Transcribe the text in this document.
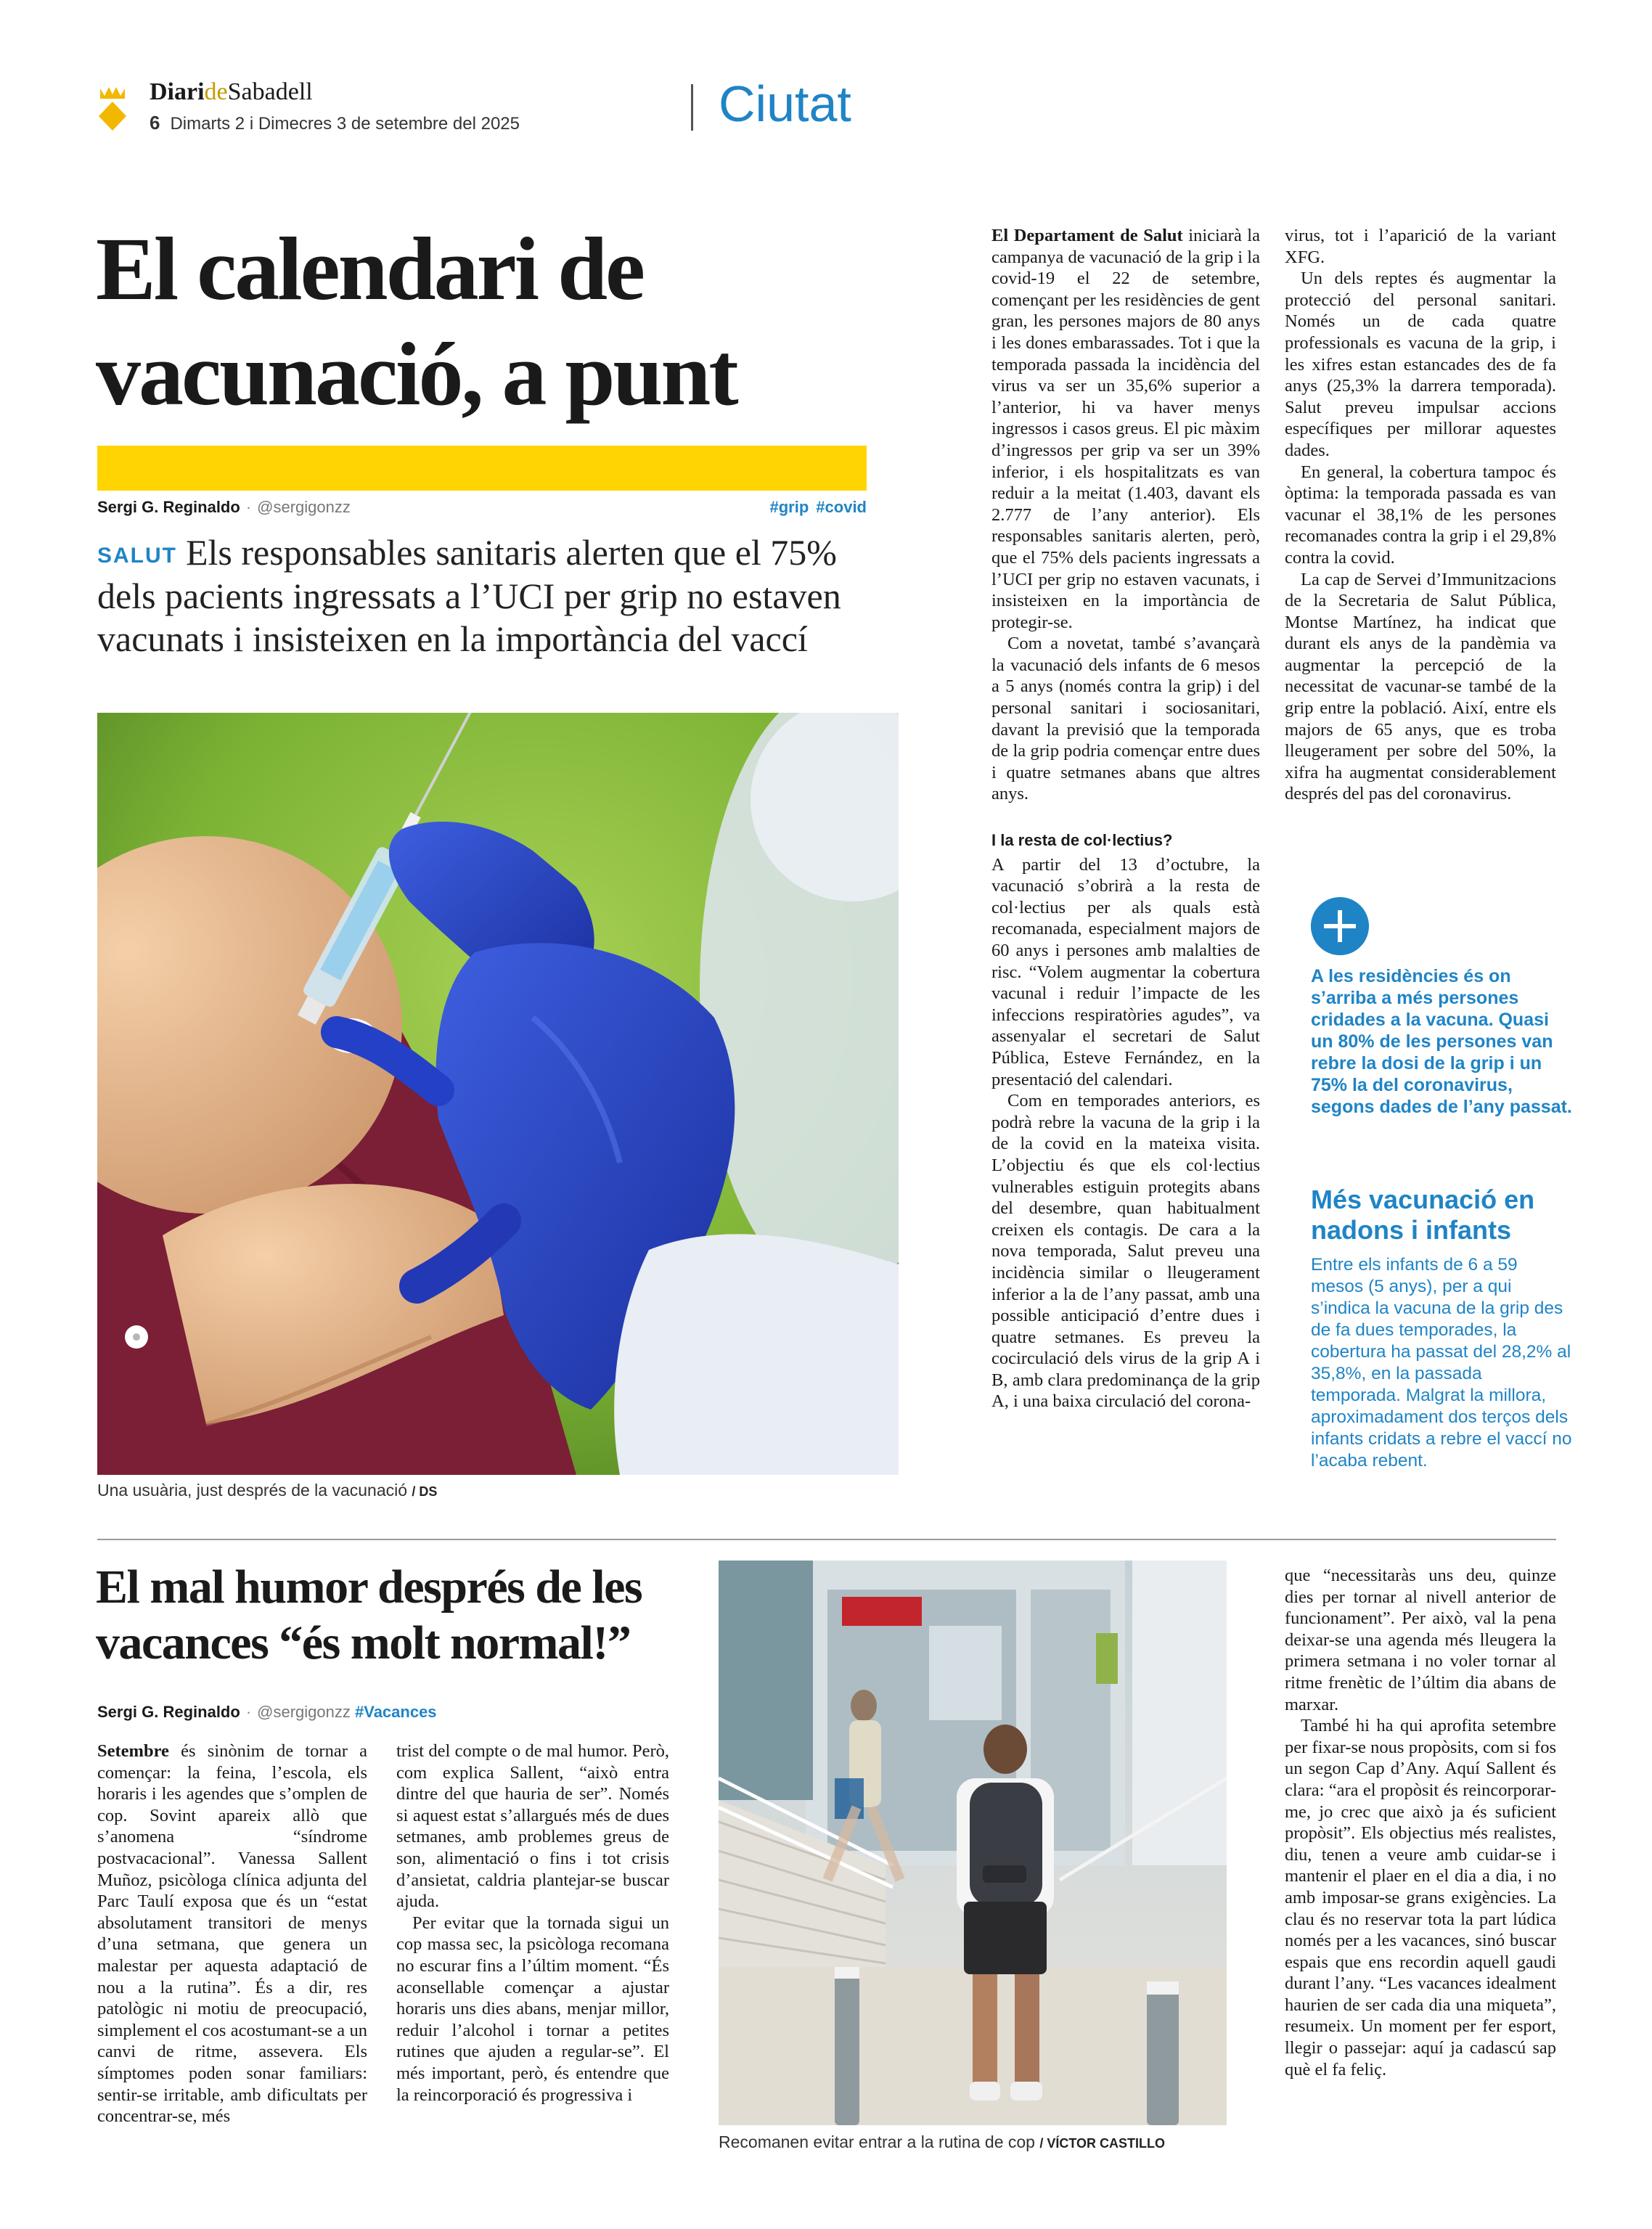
DiarideSabadell
6 Dimarts 2 i Dimecres 3 de setembre del 2025	Ciutat
El calendari de
vacunació, a punt
Sergi G. Reginaldo · @sergigonzz	#grip #covid

SALUT Els responsables sanitaris alerten que el 75% dels pacients ingressats a l’UCI per grip no estaven vacunats i insisteixen en la importància del vaccí

Una usuària, just després de la vacunació / DS

El Departament de Salut iniciarà la campanya de vacunació de la grip i la covid-19 el 22 de setembre, començant per les residències de gent gran, les persones majors de 80 anys i les dones embarassades. Tot i que la temporada passada la incidència del virus va ser un 35,6% superior a l’anterior, hi va haver menys ingressos i casos greus. El pic màxim d’ingressos per grip va ser un 39% inferior, i els hospitalitzats es van reduir a la meitat (1.403, davant els 2.777 de l’any anterior). Els responsables sanitaris alerten, però, que el 75% dels pacients ingressats a l’UCI per grip no estaven vacunats, i insisteixen en la importància de protegir-se.

Com a novetat, també s’avançarà la vacunació dels infants de 6 mesos a 5 anys (només contra la grip) i del personal sanitari i sociosanitari, davant la previsió que la temporada de la grip podria començar entre dues i quatre setmanes abans que altres anys.

I la resta de col·lectius?

A partir del 13 d’octubre, la vacunació s’obrirà a la resta de col·lectius per als quals està recomanada, especialment majors de 60 anys i persones amb malalties de risc. “Volem augmentar la cobertura vacunal i reduir l’impacte de les infeccions respiratòries agudes”, va assenyalar el secretari de Salut Pública, Esteve Fernández, en la presentació del calendari.

Com en temporades anteriors, es podrà rebre la vacuna de la grip i la de la covid en la mateixa visita. L’objectiu és que els col·lectius vulnerables estiguin protegits abans del desembre, quan habitualment creixen els contagis. De cara a la nova temporada, Salut preveu una incidència similar o lleugerament inferior a la de l’any passat, amb una possible anticipació d’entre dues i quatre setmanes. Es preveu la cocirculació dels virus de la grip A i B, amb clara predominança de la grip A, i una baixa circulació del corona-

virus, tot i l’aparició de la variant XFG.

Un dels reptes és augmentar la protecció del personal sanitari. Només un de cada quatre professionals es vacuna de la grip, i les xifres estan estancades des de fa anys (25,3% la darrera temporada). Salut preveu impulsar accions específiques per millorar aquestes dades.

En general, la cobertura tampoc és òptima: la temporada passada es van vacunar el 38,1% de les persones recomanades contra la grip i el 29,8% contra la covid.

La cap de Servei d’Immunitzacions de la Secretaria de Salut Pública, Montse Martínez, ha indicat que durant els anys de la pandèmia va augmentar la percepció de la necessitat de vacunar-se també de la grip entre la població. Així, entre els majors de 65 anys, que es troba lleugerament per sobre del 50%, la xifra ha augmentat considerablement després del pas del coronavirus.

A les residències és on s’arriba a més persones cridades a la vacuna. Quasi un 80% de les persones van rebre la dosi de la grip i un 75% la del coronavirus, segons dades de l’any passat.

Més vacunació en nadons i infants

Entre els infants de 6 a 59 mesos (5 anys), per a qui s’indica la vacuna de la grip des de fa dues temporades, la cobertura ha passat del 28,2% al 35,8%, en la passada temporada. Malgrat la millora, aproximadament dos terços dels infants cridats a rebre el vaccí no l’acaba rebent.

El mal humor després de les vacances “és molt normal!”
Sergi G. Reginaldo · @sergigonzz #Vacances

Setembre és sinònim de tornar a començar: la feina, l’escola, els horaris i les agendes que s’omplen de cop. Sovint apareix allò que s’anomena “síndrome postvacacional”. Vanessa Sallent Muñoz, psicòloga clínica adjunta del Parc Taulí exposa que és un “estat absolutament transitori de menys d’una setmana, que genera un malestar per aquesta adaptació de nou a la rutina”. És a dir, res patològic ni motiu de preocupació, simplement el cos acostumant-se a un canvi de ritme, assevera. Els símptomes poden sonar familiars: sentir-se irritable, amb dificultats per concentrar-se, més

trist del compte o de mal humor. Però, com explica Sallent, “això entra dintre del que hauria de ser”. Només si aquest estat s’allargués més de dues setmanes, amb problemes greus de son, alimentació o fins i tot crisis d’ansietat, caldria plantejar-se buscar ajuda.

Per evitar que la tornada sigui un cop massa sec, la psicòloga recomana no escurar fins a l’últim moment. “És aconsellable començar a ajustar horaris uns dies abans, menjar millor, reduir l’alcohol i tornar a petites rutines que ajuden a regular-se”. El més important, però, és entendre que la reincorporació és progressiva i

Recomanen evitar entrar a la rutina de cop / VÍCTOR CASTILLO

que “necessitaràs uns deu, quinze dies per tornar al nivell anterior de funcionament”. Per això, val la pena deixar-se una agenda més lleugera la primera setmana i no voler tornar al ritme frenètic de l’últim dia abans de marxar.

També hi ha qui aprofita setembre per fixar-se nous propòsits, com si fos un segon Cap d’Any. Aquí Sallent és clara: “ara el propòsit és reincorporar-me, jo crec que això ja és suficient propòsit”. Els objectius més realistes, diu, tenen a veure amb cuidar-se i mantenir el plaer en el dia a dia, i no amb imposar-se grans exigències. La clau és no reservar tota la part lúdica només per a les vacances, sinó buscar espais que ens recordin aquell gaudi durant l’any. “Les vacances idealment haurien de ser cada dia una miqueta”, resumeix. Un moment per fer esport, llegir o passejar: aquí ja cadascú sap què el fa feliç.
